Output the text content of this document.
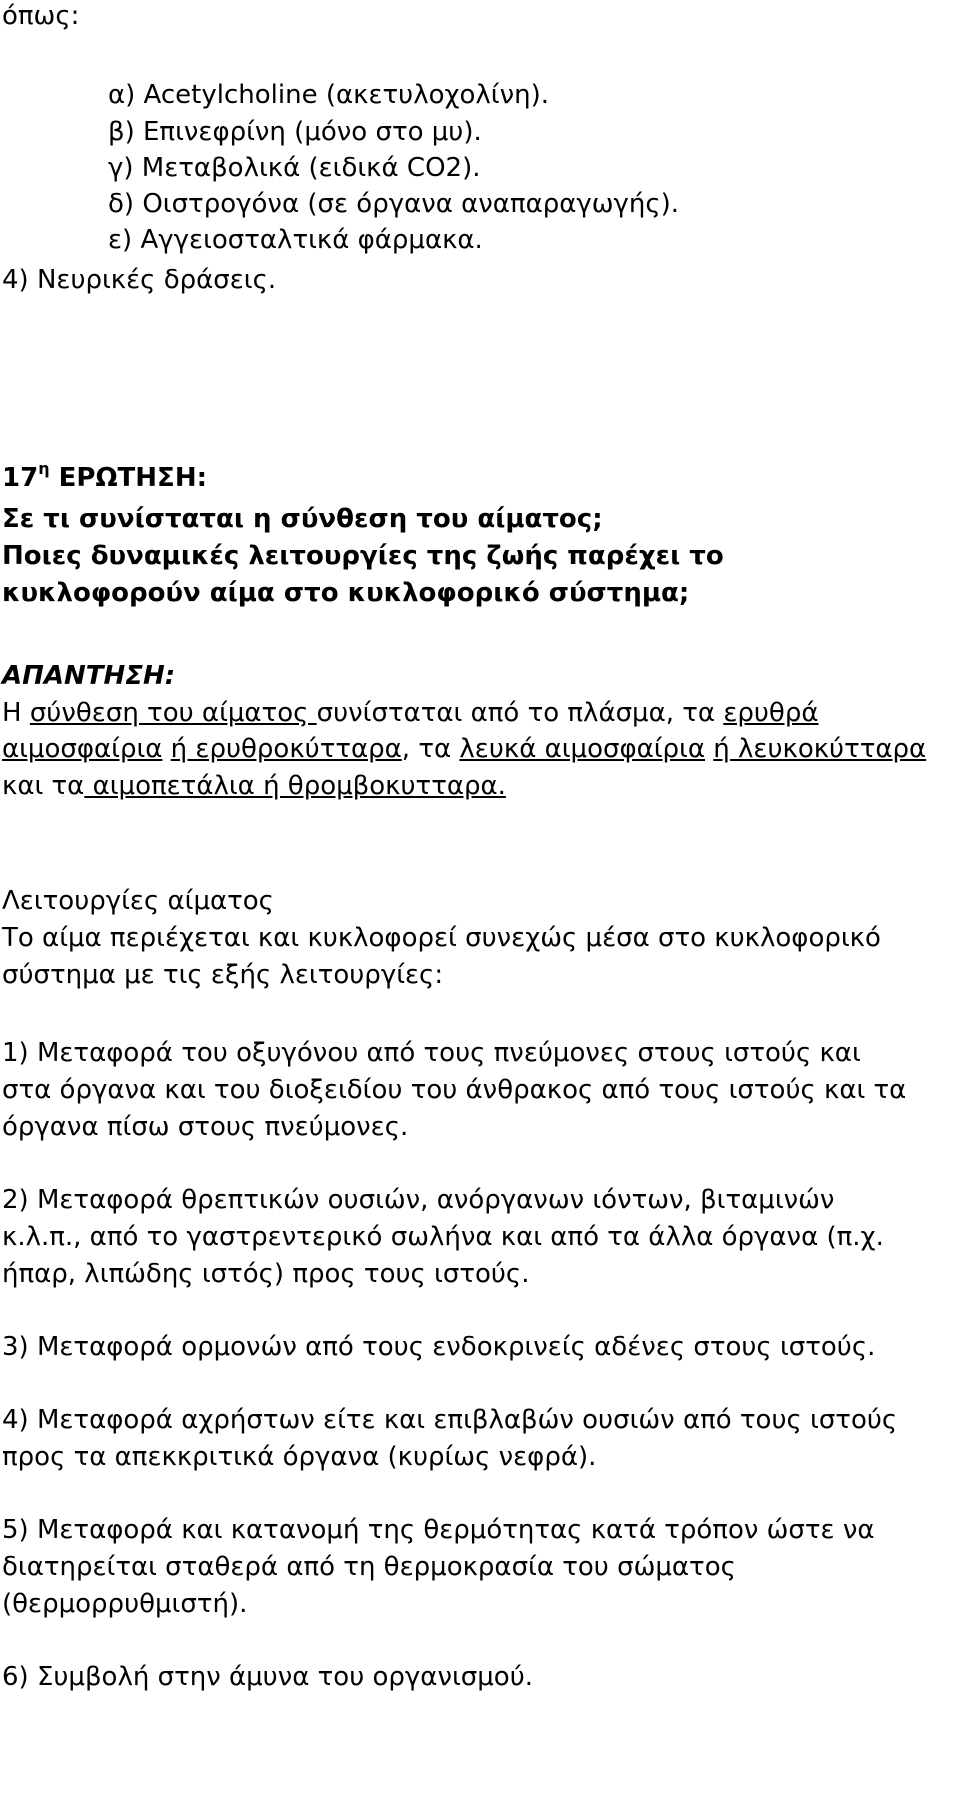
όπως:
α) Acetylcholine (ακετυλοχολίνη).
β) Επινεφρίνη (μόνο στο μυ).
γ) Μεταβολικά (ειδικά CO2).
δ) Οιστρογόνα (σε όργανα αναπαραγωγής).
ε) Αγγειοσταλτικά φάρμακα.
4) Νευρικές δράσεις.
$17^\eta$ ΕΡΩΤΗΣΗ:
Σε τι συνίσταται η σύνθεση του αίματος;
Ποιες δυναμικές λειτουργίες της ζωής παρέχει το
κυκλοφορούν αίμα στο κυκλοφορικό σύστημα;
ΑΠΑΝΤΗΣΗ:
Η σύνθεση του αίματος συνίσταται από το πλάσμα, τα ερυθρά
αιμοσφαίρια ή ερυθροκύτταρα, τα λευκά αιμοσφαίρια ή λευκοκύτταρα
και τα αιμοπετάλια ή θρομβοκυτταρα.
Λειτουργίες αίματος
Το αίμα περιέχεται και κυκλοφορεί συνεχώς μέσα στο κυκλοφορικό
σύστημα με τις εξής λειτουργίες:
1) Μεταφορά του οξυγόνου από τους πνεύμονες στους ιστούς και
στα όργανα και του διοξειδίου του άνθρακος από τους ιστούς και τα
όργανα πίσω στους πνεύμονες.
2) Μεταφορά θρεπτικών ουσιών, ανόργανων ιόντων, βιταμινών
κ.λ.π., από το γαστρεντερικό σωλήνα και από τα άλλα όργανα (π.χ.
ήπαρ, λιπώδης ιστός) προς τους ιστούς.
3) Μεταφορά ορμονών από τους ενδοκρινείς αδένες στους ιστούς.
4) Μεταφορά αχρήστων είτε και επιβλαβών ουσιών από τους ιστούς
προς τα απεκκριτικά όργανα (κυρίως νεφρά).
5) Μεταφορά και κατανομή της θερμότητας κατά τρόπον ώστε να
διατηρείται σταθερά από τη θερμοκρασία του σώματος
(θερμορρυθμιστή).
6) Συμβολή στην άμυνα του οργανισμού.
